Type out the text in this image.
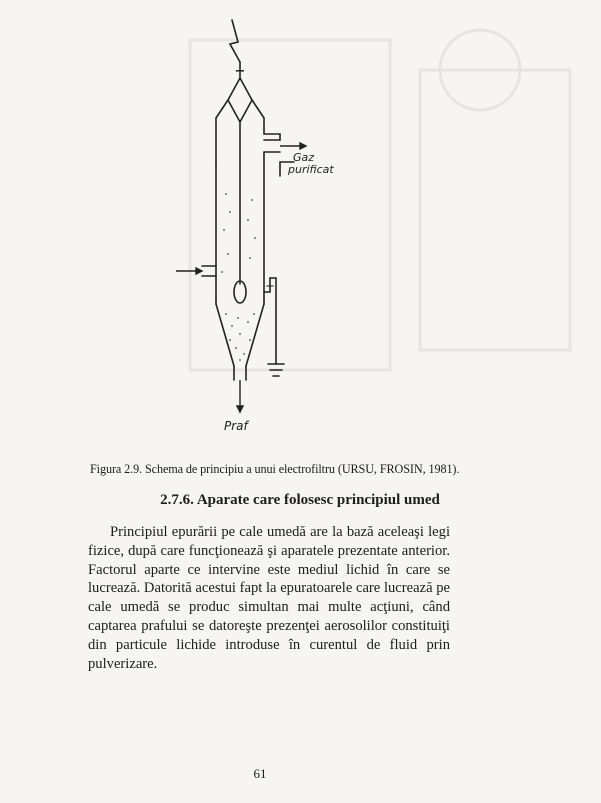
−
+
Gaz
purificat
Praf
Figura 2.9. Schema de principiu a unui electrofiltru (URSU, FROSIN, 1981).
2.7.6. Aparate care folosesc principiul umed

Principiul epurării pe cale umedă are la bază aceleaşi legi fizice, după care funcţionează şi aparatele prezentate anterior. Factorul aparte ce intervine este mediul lichid în care se lucrează. Datorită acestui fapt la epuratoarele care lucrează pe cale umedă se produc simultan mai multe acţiuni, când captarea prafului se datoreşte prezenţei aerosolilor constituiţi din particule lichide introduse în curentul de fluid prin pulverizare.

61
